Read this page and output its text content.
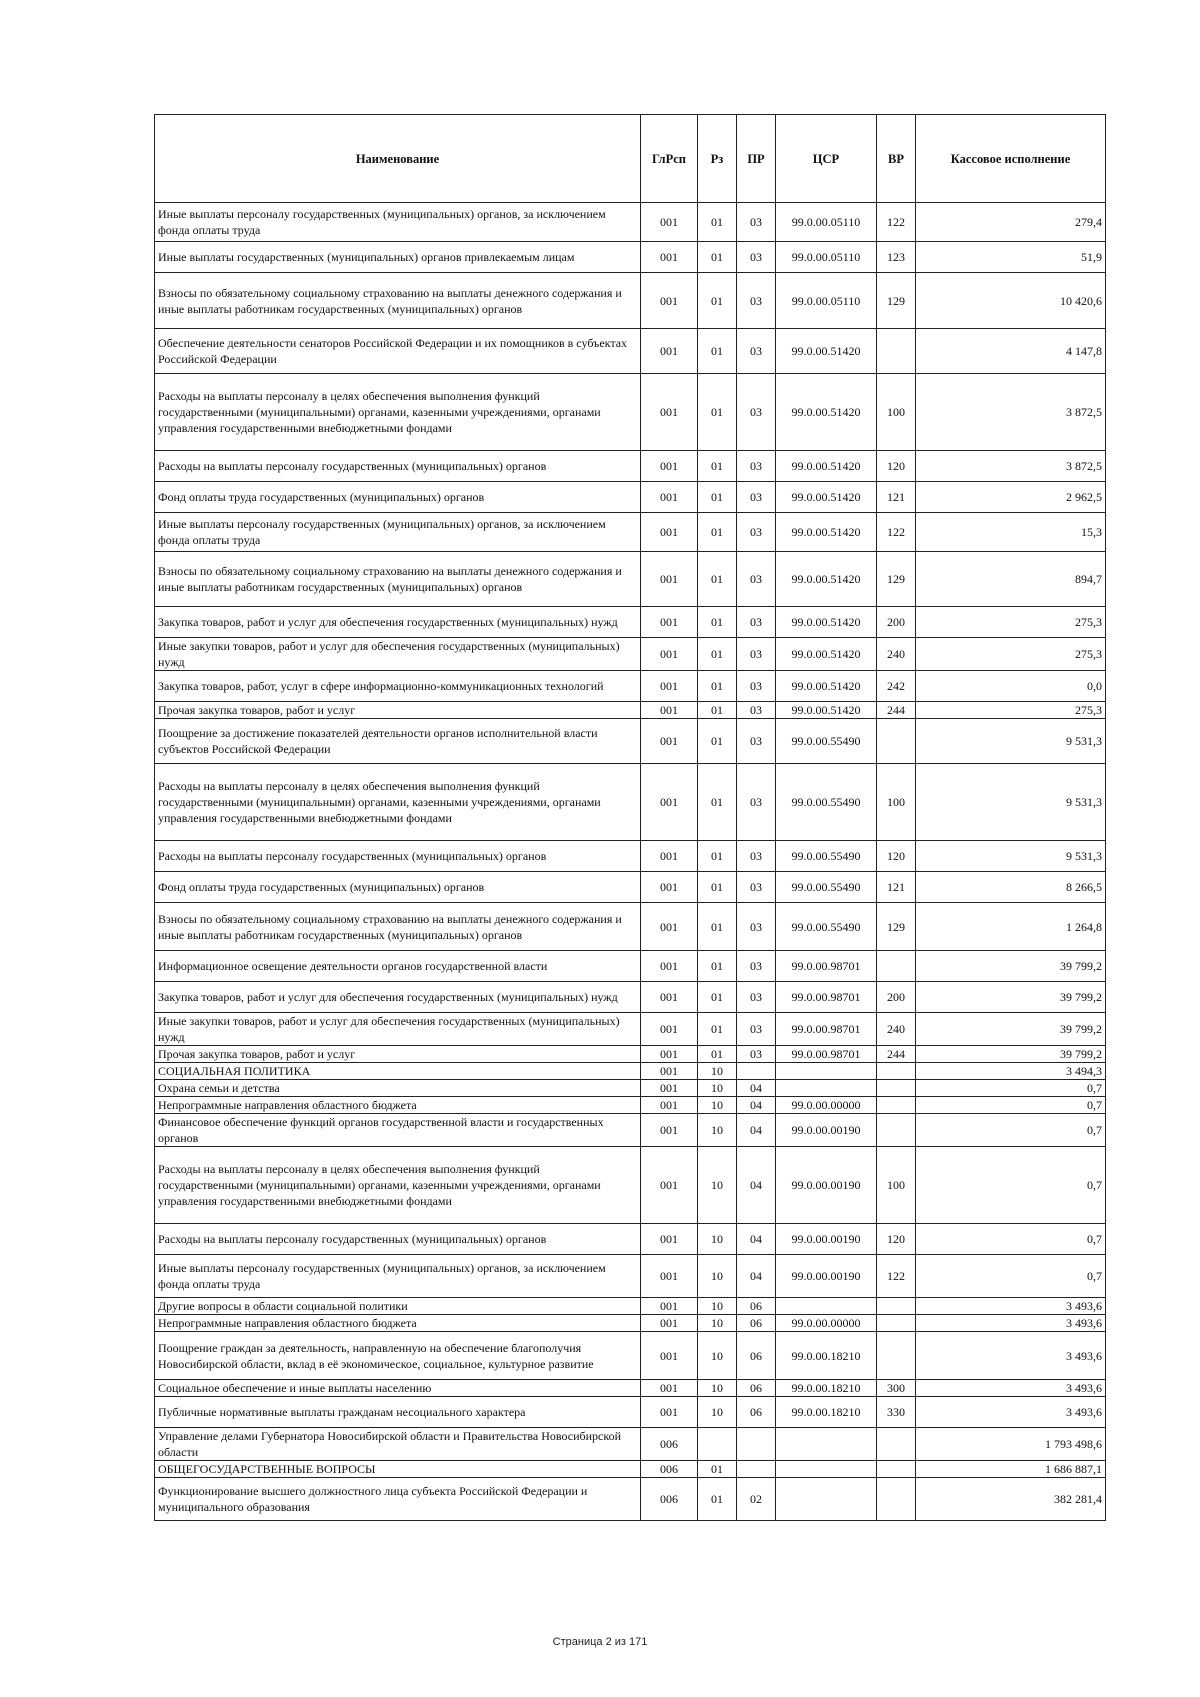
Наименование	ГлРсп	Рз	ПР	ЦСР	ВР	Кассовое исполнение
Иные выплаты персоналу государственных (муниципальных) органов, за исключением фонда оплаты труда	001	01	03	99.0.00.05110	122	279,4
Иные выплаты государственных (муниципальных) органов привлекаемым лицам	001	01	03	99.0.00.05110	123	51,9
Взносы по обязательному социальному страхованию на выплаты денежного содержания и иные выплаты работникам государственных (муниципальных) органов	001	01	03	99.0.00.05110	129	10 420,6
Обеспечение деятельности сенаторов Российской Федерации и их помощников в субъектах Российской Федерации	001	01	03	99.0.00.51420		4 147,8
Расходы на выплаты персоналу в целях обеспечения выполнения функций государственными (муниципальными) органами, казенными учреждениями, органами управления государственными внебюджетными фондами	001	01	03	99.0.00.51420	100	3 872,5
Расходы на выплаты персоналу государственных (муниципальных) органов	001	01	03	99.0.00.51420	120	3 872,5
Фонд оплаты труда государственных (муниципальных) органов	001	01	03	99.0.00.51420	121	2 962,5
Иные выплаты персоналу государственных (муниципальных) органов, за исключением фонда оплаты труда	001	01	03	99.0.00.51420	122	15,3
Взносы по обязательному социальному страхованию на выплаты денежного содержания и иные выплаты работникам государственных (муниципальных) органов	001	01	03	99.0.00.51420	129	894,7
Закупка товаров, работ и услуг для обеспечения государственных (муниципальных) нужд	001	01	03	99.0.00.51420	200	275,3
Иные закупки товаров, работ и услуг для обеспечения государственных (муниципальных) нужд	001	01	03	99.0.00.51420	240	275,3
Закупка товаров, работ, услуг в сфере информационно-коммуникационных технологий	001	01	03	99.0.00.51420	242	0,0
Прочая закупка товаров, работ и услуг	001	01	03	99.0.00.51420	244	275,3
Поощрение за достижение показателей деятельности органов исполнительной власти субъектов Российской Федерации	001	01	03	99.0.00.55490		9 531,3
Расходы на выплаты персоналу в целях обеспечения выполнения функций государственными (муниципальными) органами, казенными учреждениями, органами управления государственными внебюджетными фондами	001	01	03	99.0.00.55490	100	9 531,3
Расходы на выплаты персоналу государственных (муниципальных) органов	001	01	03	99.0.00.55490	120	9 531,3
Фонд оплаты труда государственных (муниципальных) органов	001	01	03	99.0.00.55490	121	8 266,5
Взносы по обязательному социальному страхованию на выплаты денежного содержания и иные выплаты работникам государственных (муниципальных) органов	001	01	03	99.0.00.55490	129	1 264,8
Информационное освещение деятельности органов государственной власти	001	01	03	99.0.00.98701		39 799,2
Закупка товаров, работ и услуг для обеспечения государственных (муниципальных) нужд	001	01	03	99.0.00.98701	200	39 799,2
Иные закупки товаров, работ и услуг для обеспечения государственных (муниципальных) нужд	001	01	03	99.0.00.98701	240	39 799,2
Прочая закупка товаров, работ и услуг	001	01	03	99.0.00.98701	244	39 799,2
СОЦИАЛЬНАЯ ПОЛИТИКА	001	10				3 494,3
Охрана семьи и детства	001	10	04			0,7
Непрограммные направления областного бюджета	001	10	04	99.0.00.00000		0,7
Финансовое обеспечение функций органов государственной власти и государственных органов	001	10	04	99.0.00.00190		0,7
Расходы на выплаты персоналу в целях обеспечения выполнения функций государственными (муниципальными) органами, казенными учреждениями, органами управления государственными внебюджетными фондами	001	10	04	99.0.00.00190	100	0,7
Расходы на выплаты персоналу государственных (муниципальных) органов	001	10	04	99.0.00.00190	120	0,7
Иные выплаты персоналу государственных (муниципальных) органов, за исключением фонда оплаты труда	001	10	04	99.0.00.00190	122	0,7
Другие вопросы в области социальной политики	001	10	06			3 493,6
Непрограммные направления областного бюджета	001	10	06	99.0.00.00000		3 493,6
Поощрение граждан за деятельность, направленную на обеспечение благополучия Новосибирской области, вклад в её экономическое, социальное, культурное развитие	001	10	06	99.0.00.18210		3 493,6
Социальное обеспечение и иные выплаты населению	001	10	06	99.0.00.18210	300	3 493,6
Публичные нормативные выплаты гражданам несоциального характера	001	10	06	99.0.00.18210	330	3 493,6
Управление делами Губернатора Новосибирской области и Правительства Новосибирской области	006					1 793 498,6
ОБЩЕГОСУДАРСТВЕННЫЕ ВОПРОСЫ	006	01				1 686 887,1
Функционирование высшего должностного лица субъекта Российской Федерации и муниципального образования	006	01	02			382 281,4
Страница 2 из 171
